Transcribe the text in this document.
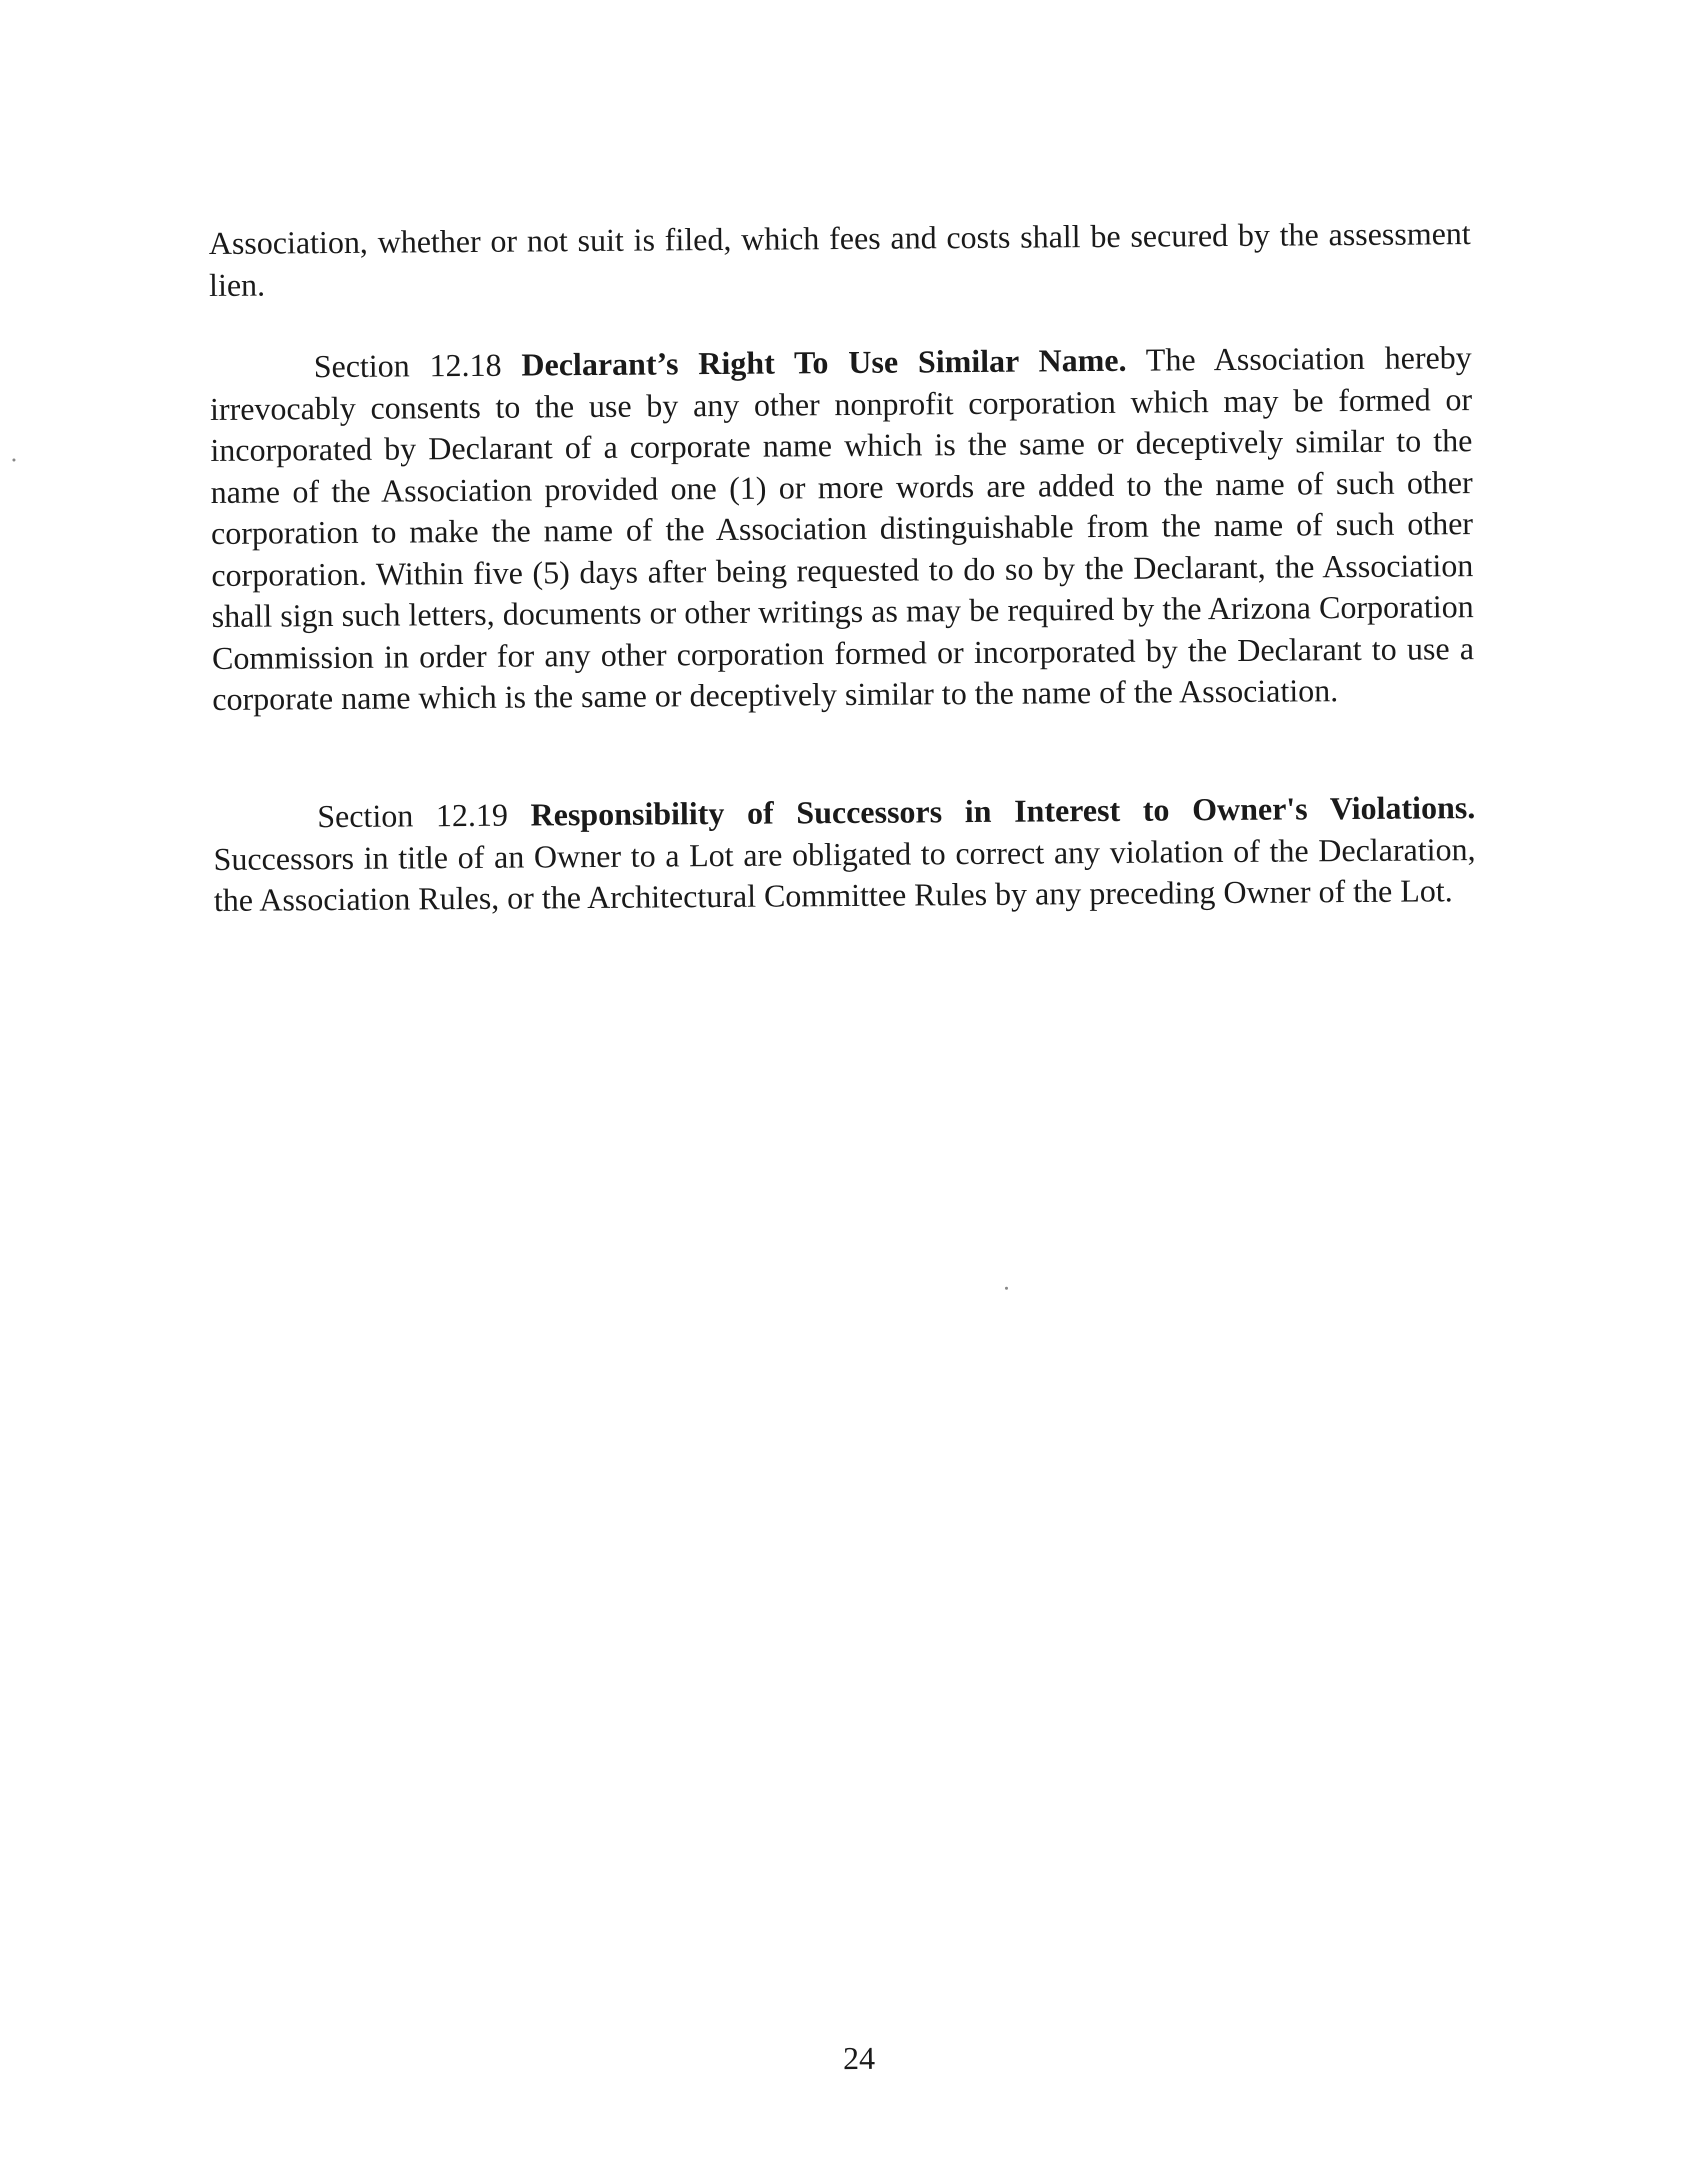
Association, whether or not suit is filed, which fees and costs shall be secured by the assessment lien.

Section 12.18 Declarant’s Right To Use Similar Name. The Association hereby irrevocably consents to the use by any other nonprofit corporation which may be formed or incorporated by Declarant of a corporate name which is the same or deceptively similar to the name of the Association provided one (1) or more words are added to the name of such other corporation to make the name of the Association distinguishable from the name of such other corporation. Within five (5) days after being requested to do so by the Declarant, the Association shall sign such letters, documents or other writings as may be required by the Arizona Corporation Commission in order for any other corporation formed or incorporated by the Declarant to use a corporate name which is the same or deceptively similar to the name of the Association.

Section 12.19 Responsibility of Successors in Interest to Owner's Violations. Successors in title of an Owner to a Lot are obligated to correct any violation of the Declaration, the Association Rules, or the Architectural Committee Rules by any preceding Owner of the Lot.

24
